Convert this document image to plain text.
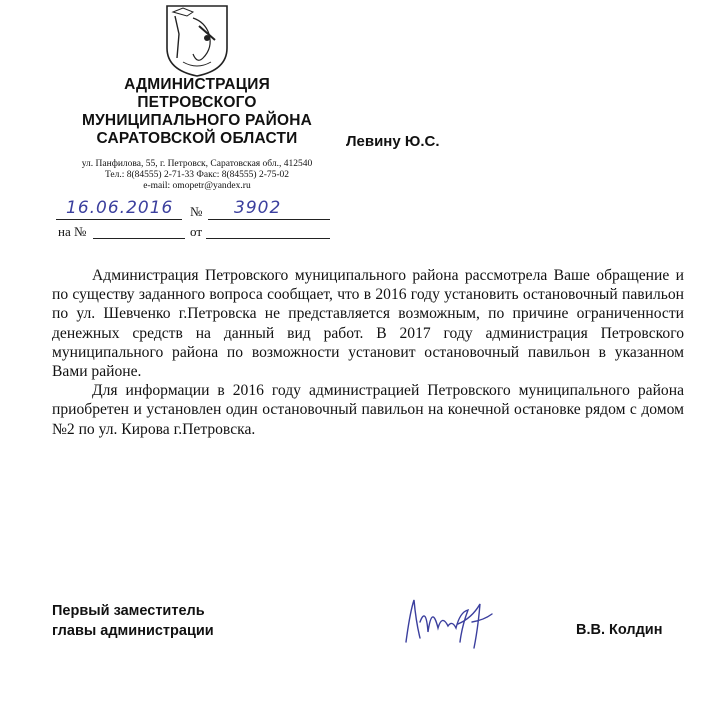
АДМИНИСТРАЦИЯ
ПЕТРОВСКОГО
МУНИЦИПАЛЬНОГО РАЙОНА
САРАТОВСКОЙ ОБЛАСТИ
ул. Панфилова, 55, г. Петровск, Саратовская обл., 412540
Тел.: 8(84555) 2-71-33 Факс: 8(84555) 2-75-02
e-mail: omopetr@yandex.ru
Левину Ю.С.
16.06.2016 № 3902
на №	от

Администрация Петровского муниципального района рассмотрела Ваше обращение и по существу заданного вопроса сообщает, что в 2016 году установить остановочный павильон по ул. Шевченко г.Петровска не представляется возможным, по причине ограниченности денежных средств на данный вид работ. В 2017 году администрация Петровского муниципального района по возможности установит остановочный павильон в указанном Вами районе.

Для информации в 2016 году администрацией Петровского муниципального района приобретен и установлен один остановочный павильон на конечной остановке рядом с домом №2 по ул. Кирова г.Петровска.

Первый заместитель
главы администрации	В.В. Колдин
